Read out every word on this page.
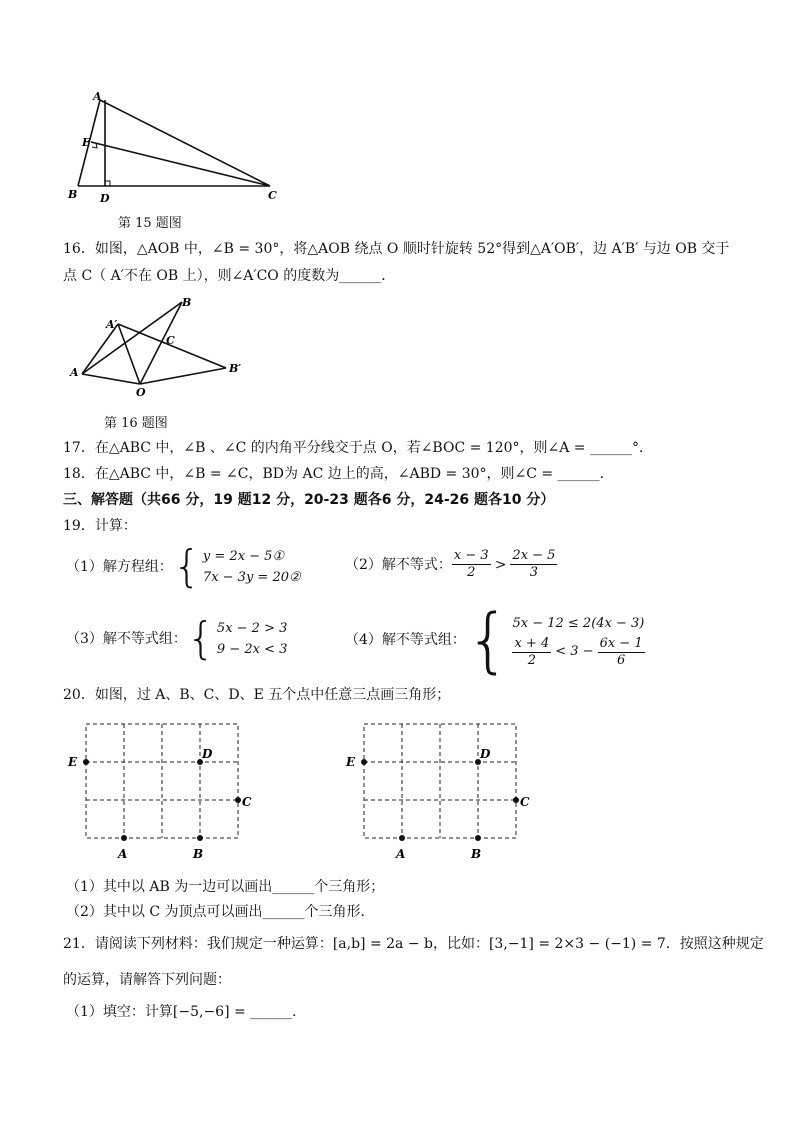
A
E
B D	C
第 15 题图
16．如图，△AOB 中，∠B = 30°，将△AOB 绕点 O 顺时针旋转 52°得到△A′OB′，边 A′B′ 与边 OB 交于
点 C（ A′不在 OB 上），则∠A′CO 的度数为______．
B
A′
C
A	B′
O
第 16 题图
17．在△ABC 中，∠B 、∠C 的内角平分线交于点 O，若∠BOC = 120°，则∠A = ______°．
18．在△ABC 中，∠B = ∠C，BD为 AC 边上的高，∠ABD = 30°，则∠C = ______．
三、解答题（共66 分，19 题12 分，20-23 题各6 分，24-26 题各10 分）
19．计算：
（1）解方程组： { y = 2x − 5①
7x − 3y = 20②
（2）解不等式： $\frac{x - 3}{2} > \frac{2x - 5}{3}$
（3）解不等式组： { 5x − 2 > 3
9 − 2x < 3
（4）解不等式组： { 5x − 12 ≤ 2(4x − 3)
$\frac{x + 4}{2} < 3 - \frac{6x - 1}{6}$
20．如图，过 A、B、C、D、E 五个点中任意三点画三角形；
E
D
C
A	B
E
D
C
A	B
（1）其中以 AB 为一边可以画出______个三角形；
（2）其中以 C 为顶点可以画出______个三角形．
21．请阅读下列材料：我们规定一种运算：[a,b] = 2a − b，比如：[3,−1] = 2×3 − (−1) = 7．按照这种规定
的运算，请解答下列问题：
（1）填空：计算[−5,−6] = ______．
